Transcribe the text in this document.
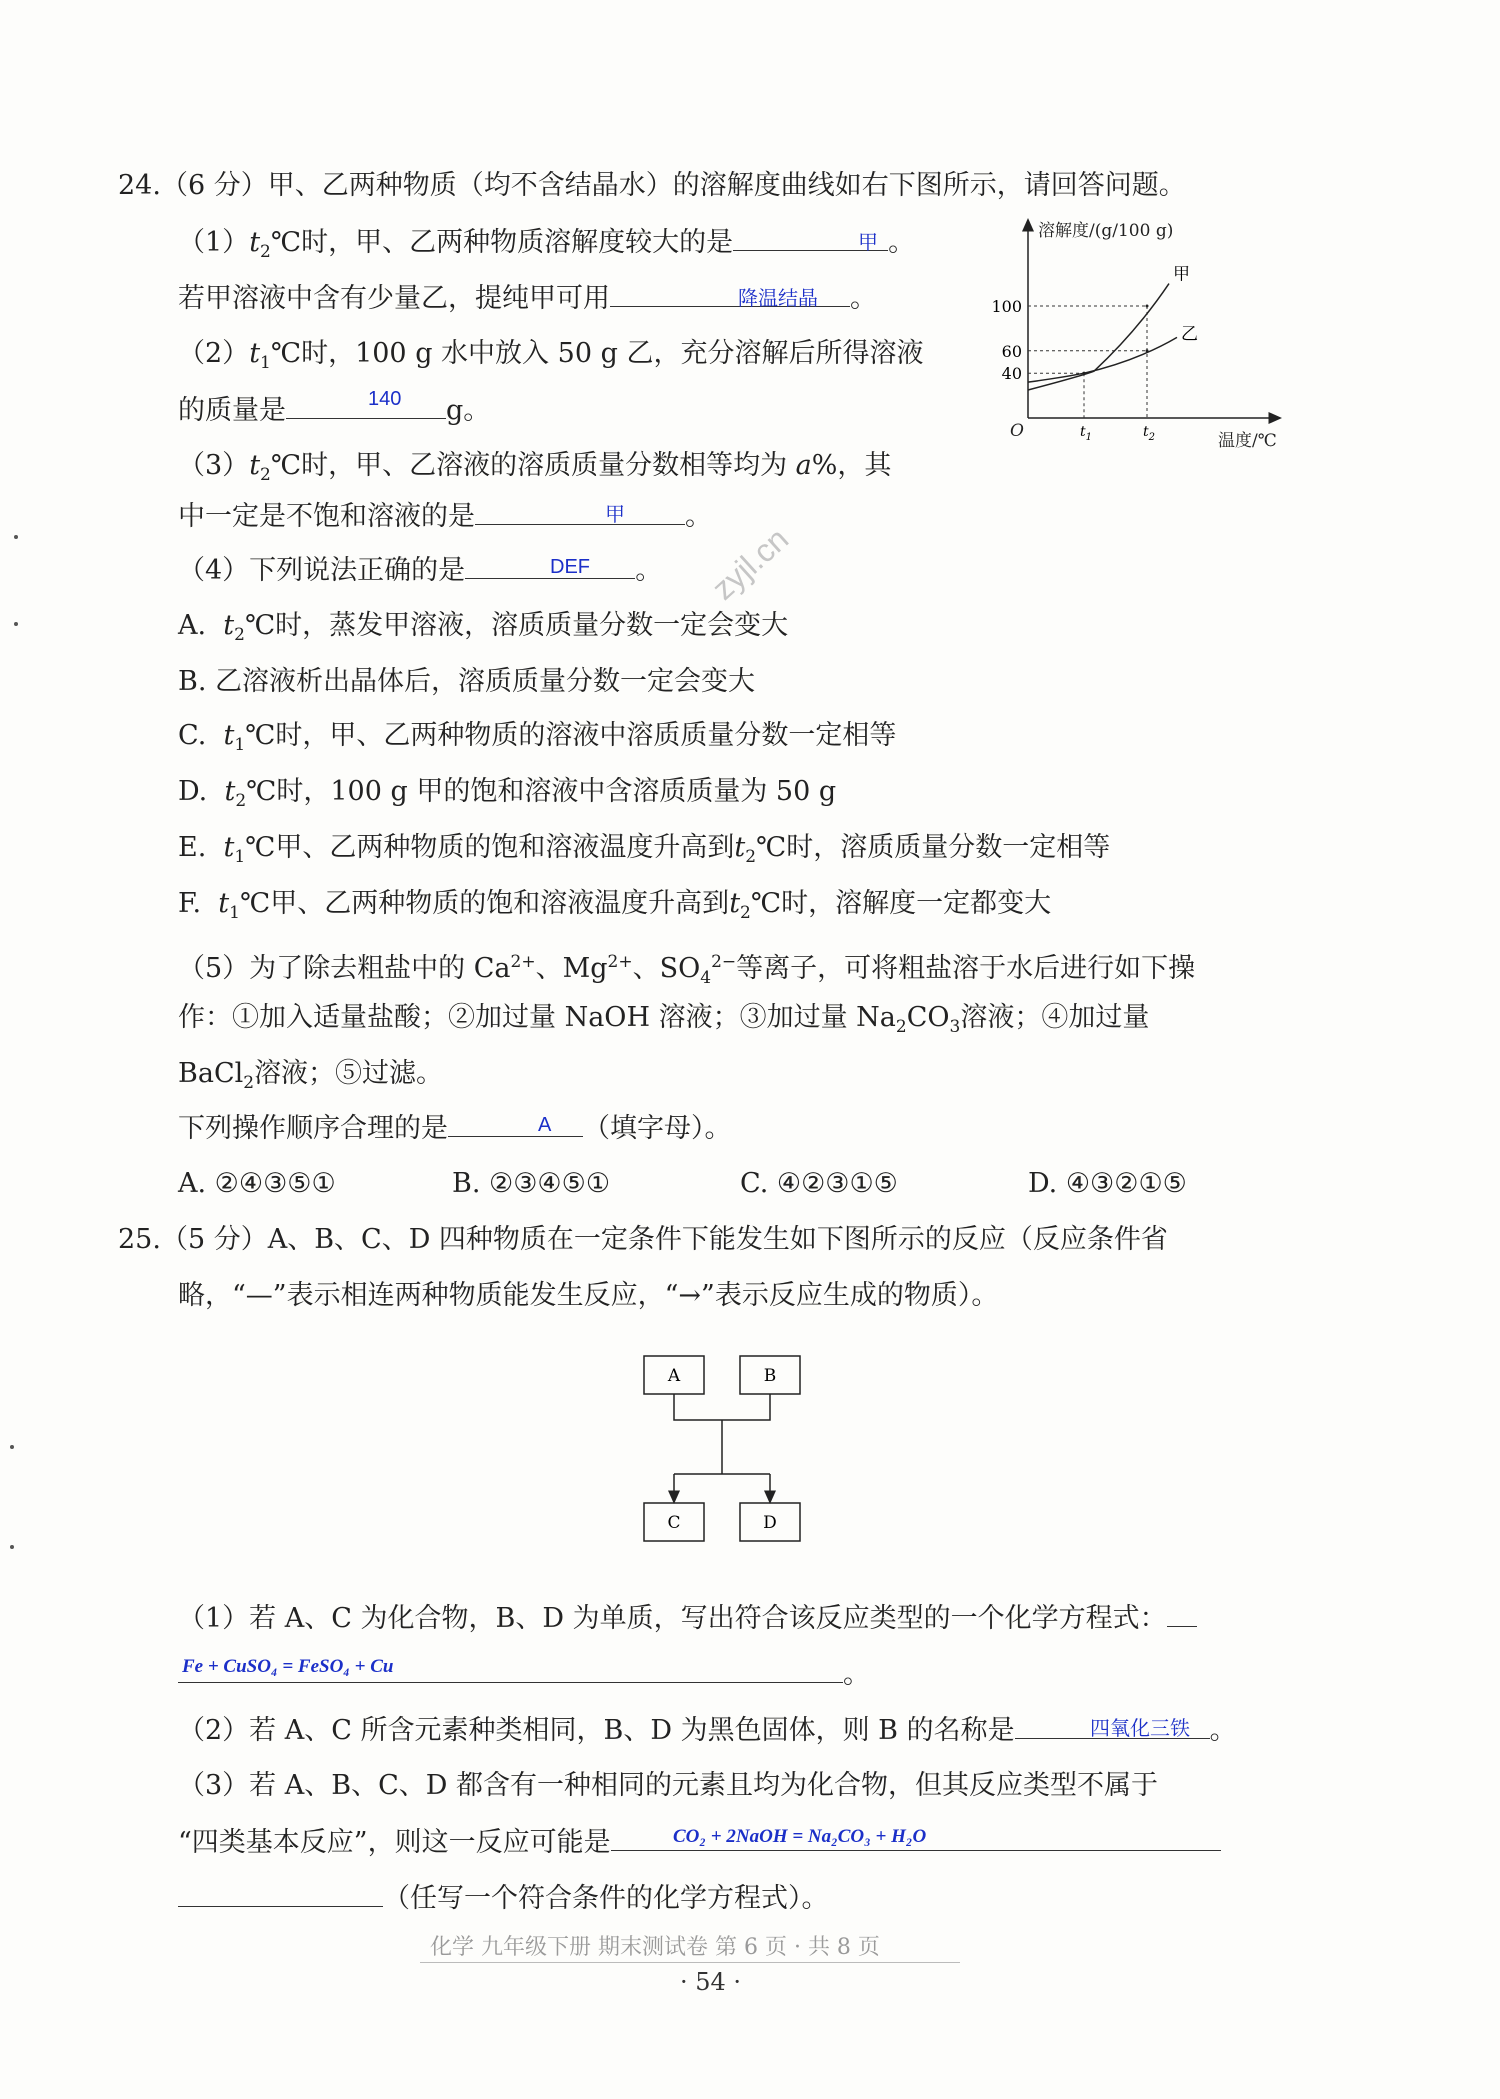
24.（6 分）甲、乙两种物质（均不含结晶水）的溶解度曲线如右下图所示，请回答问题。
$(1)t_2℃$时，甲、乙两种物质溶解度较大的是	。
甲
若甲溶液中含有少量乙，提纯甲可用	。
降温结晶
$(2)t_1℃$时，100 g 水中放入 50 g 乙，充分溶解后所得溶液
的质量是	g。
140
$(3)t_2℃$时，甲、乙溶液的溶质质量分数相等均为 a%，其
中一定是不饱和溶液的是	。
甲
（4）下列说法正确的是	。
DEF
A. $t_2℃$时，蒸发甲溶液，溶质质量分数一定会变大
B. 乙溶液析出晶体后，溶质质量分数一定会变大
C. $t_1℃$时，甲、乙两种物质的溶液中溶质质量分数一定相等
D. $t_2℃$时，100 g 甲的饱和溶液中含溶质质量为 50 g
E. $t_1℃$甲、乙两种物质的饱和溶液温度升高到$t_2℃$时，溶质质量分数一定相等
F. $t_1℃$甲、乙两种物质的饱和溶液温度升高到$t_2℃$时，溶解度一定都变大
（5）为了除去粗盐中的 $Ca^{2+}$、$Mg^{2+}$、$SO_4^{2-}$等离子，可将粗盐溶于水后进行如下操
作：①加入适量盐酸；②加过量 NaOH 溶液；③加过量 $Na_2CO_3$溶液；④加过量
BaCl$_2$溶液；⑤过滤。
下列操作顺序合理的是	（填字母）。
A
A. ②④③⑤①	B. ②③④⑤①	C. ④②③①⑤	D. ④③②①⑤
溶解度/(g/100 g)
温度/℃
O
40
60
100
$t_1$	$t_2$
甲
乙
zyjl.cn
25.（5 分）A、B、C、D 四种物质在一定条件下能发生如下图所示的反应（反应条件省
略，“—”表示相连两种物质能发生反应，“→”表示反应生成的物质）。
A	B
C	D
（1）若 A、C 为化合物，B、D 为单质，写出符合该反应类型的一个化学方程式：
。
Fe + CuSO₄ = FeSO₄ + Cu
（2）若 A、C 所含元素种类相同，B、D 为黑色固体，则 B 的名称是	。
四氧化三铁
（3）若 A、B、C、D 都含有一种相同的元素且均为化合物，但其反应类型不属于
“四类基本反应”，则这一反应可能是	CO₂ + 2NaOH = Na₂CO₃ + H₂O
（任写一个符合条件的化学方程式）。
化学 九年级下册 期末测试卷 第 6 页 · 共 8 页
· 54 ·
